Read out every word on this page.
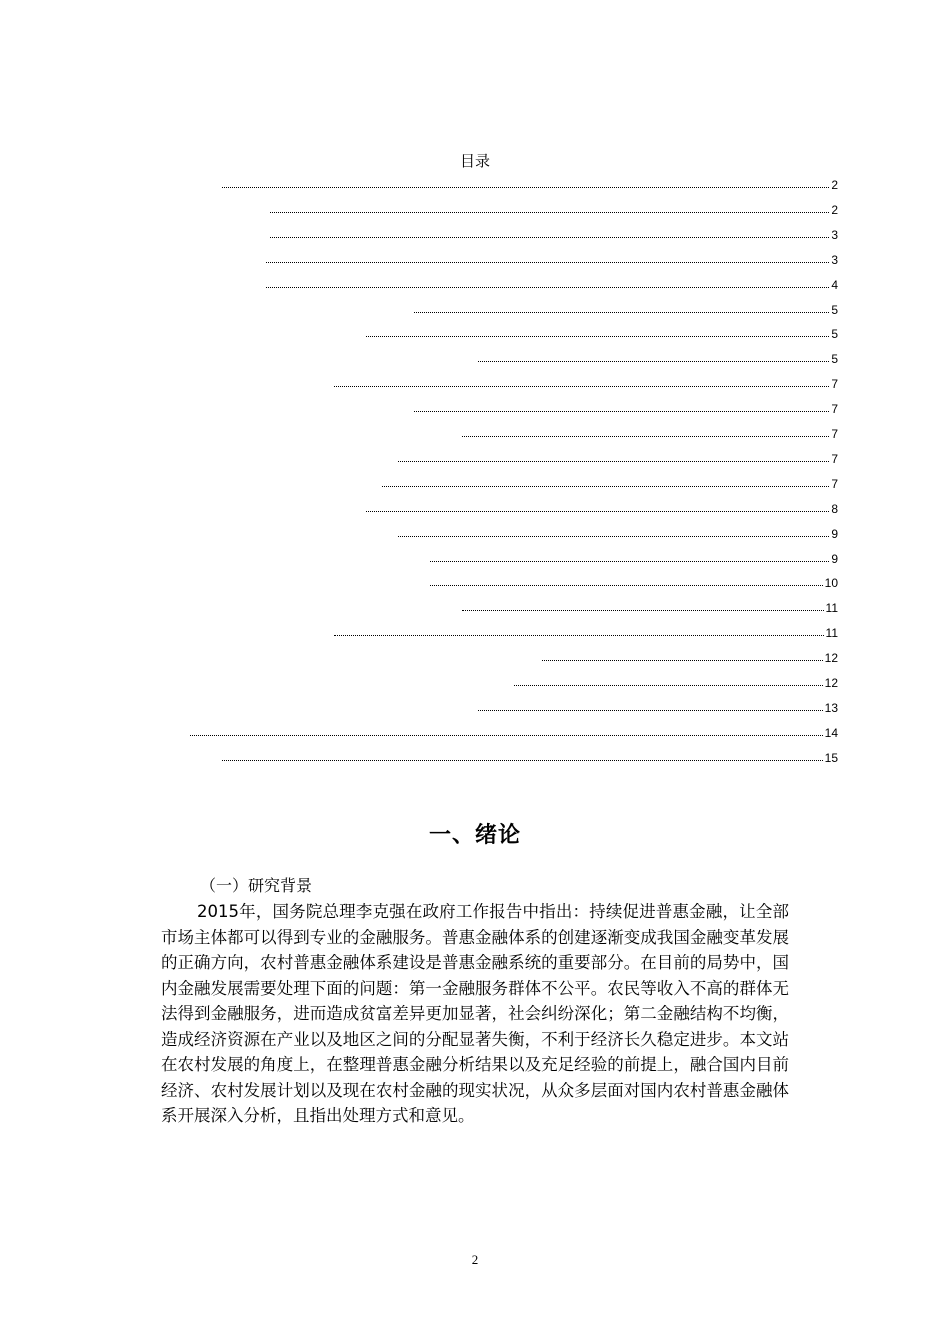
目录
2
2
3
3
4
5
5
5
7
7
7
7
7
8
9
9
10
11
11
12
12
13
14
15
一、绪论
（一）研究背景
2015年，国务院总理李克强在政府工作报告中指出：持续促进普惠金融，让全部市场主体都可以得到专业的金融服务。普惠金融体系的创建逐渐变成我国金融变革发展的正确方向，农村普惠金融体系建设是普惠金融系统的重要部分。在目前的局势中，国内金融发展需要处理下面的问题：第一金融服务群体不公平。农民等收入不高的群体无法得到金融服务，进而造成贫富差异更加显著，社会纠纷深化；第二金融结构不均衡，造成经济资源在产业以及地区之间的分配显著失衡，不利于经济长久稳定进步。本文站在农村发展的角度上，在整理普惠金融分析结果以及充足经验的前提上，融合国内目前经济、农村发展计划以及现在农村金融的现实状况，从众多层面对国内农村普惠金融体系开展深入分析，且指出处理方式和意见。
2
